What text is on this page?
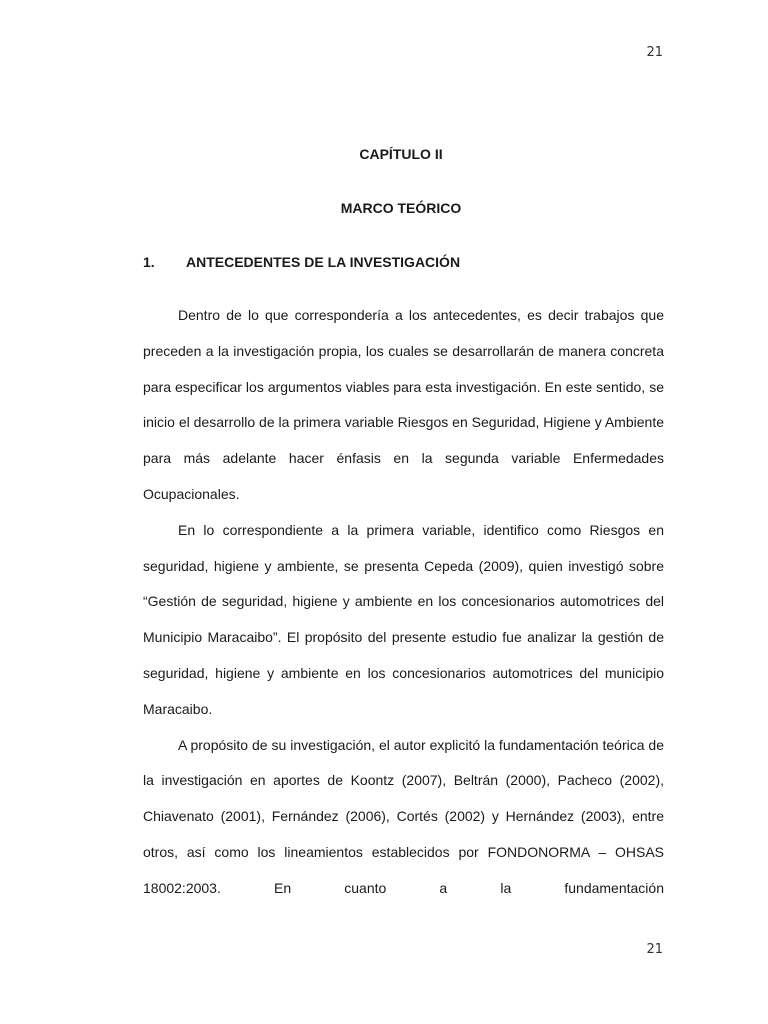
21
CAPÍTULO II
MARCO TEÓRICO
1. ANTECEDENTES DE LA INVESTIGACIÓN

Dentro de lo que correspondería a los antecedentes, es decir trabajos que preceden a la investigación propia, los cuales se desarrollarán de manera concreta para especificar los argumentos viables para esta investigación. En este sentido, se inicio el desarrollo de la primera variable Riesgos en Seguridad, Higiene y Ambiente para más adelante hacer énfasis en la segunda variable Enfermedades Ocupacionales.

En lo correspondiente a la primera variable, identifico como Riesgos en seguridad, higiene y ambiente, se presenta Cepeda (2009), quien investigó sobre “Gestión de seguridad, higiene y ambiente en los concesionarios automotrices del Municipio Maracaibo”. El propósito del presente estudio fue analizar la gestión de seguridad, higiene y ambiente en los concesionarios automotrices del municipio Maracaibo.

A propósito de su investigación, el autor explicitó la fundamentación teórica de la investigación en aportes de Koontz (2007), Beltrán (2000), Pacheco (2002), Chiavenato (2001), Fernández (2006), Cortés (2002) y Hernández (2003), entre otros, así como los lineamientos establecidos por FONDONORMA – OHSAS 18002:2003. En cuanto a la fundamentación

21
